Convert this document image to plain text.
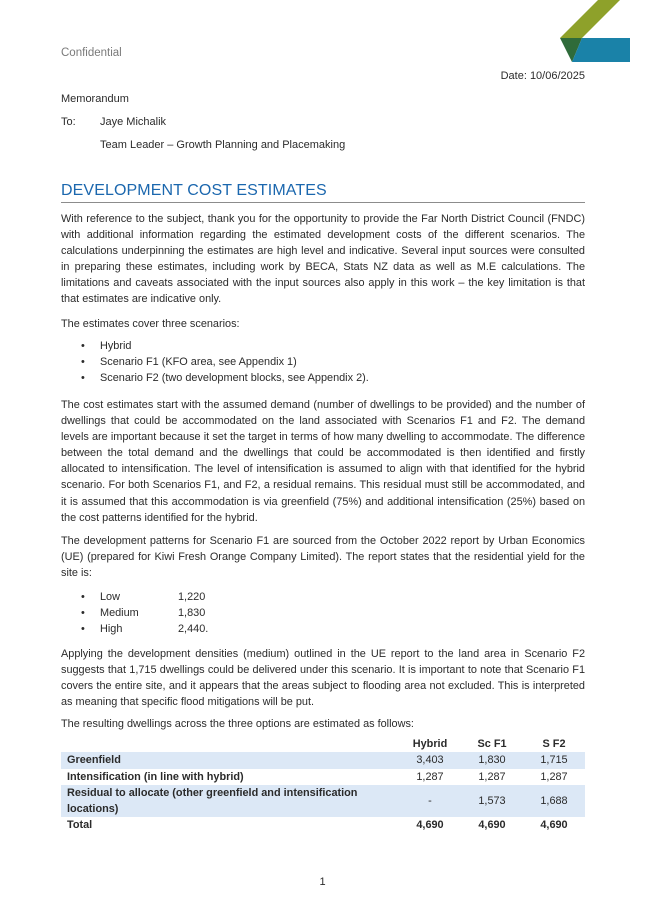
Confidential
Date: 10/06/2025
Memorandum
To: Jaye Michalik
Team Leader – Growth Planning and Placemaking
DEVELOPMENT COST ESTIMATES

With reference to the subject, thank you for the opportunity to provide the Far North District Council (FNDC) with additional information regarding the estimated development costs of the different scenarios. The calculations underpinning the estimates are high level and indicative. Several input sources were consulted in preparing these estimates, including work by BECA, Stats NZ data as well as M.E calculations. The limitations and caveats associated with the input sources also apply in this work – the key limitation is that that estimates are indicative only.

The estimates cover three scenarios:

• Hybrid
• Scenario F1 (KFO area, see Appendix 1)
• Scenario F2 (two development blocks, see Appendix 2).

The cost estimates start with the assumed demand (number of dwellings to be provided) and the number of dwellings that could be accommodated on the land associated with Scenarios F1 and F2. The demand levels are important because it set the target in terms of how many dwelling to accommodate. The difference between the total demand and the dwellings that could be accommodated is then identified and firstly allocated to intensification. The level of intensification is assumed to align with that identified for the hybrid scenario. For both Scenarios F1, and F2, a residual remains. This residual must still be accommodated, and it is assumed that this accommodation is via greenfield (75%) and additional intensification (25%) based on the cost patterns identified for the hybrid.

The development patterns for Scenario F1 are sourced from the October 2022 report by Urban Economics (UE) (prepared for Kiwi Fresh Orange Company Limited). The report states that the residential yield for the site is:

• Low	1,220
• Medium	1,830
• High	2,440.

Applying the development densities (medium) outlined in the UE report to the land area in Scenario F2 suggests that 1,715 dwellings could be delivered under this scenario. It is important to note that Scenario F1 covers the entire site, and it appears that the areas subject to flooding area not excluded. This is interpreted as meaning that specific flood mitigations will be put.

The resulting dwellings across the three options are estimated as follows:

	Hybrid	Sc F1	S F2
Greenfield	3,403	1,830	1,715
Intensification (in line with hybrid)	1,287	1,287	1,287
Residual to allocate (other greenfield and intensification locations)	-	1,573	1,688
Total	4,690	4,690	4,690
1
